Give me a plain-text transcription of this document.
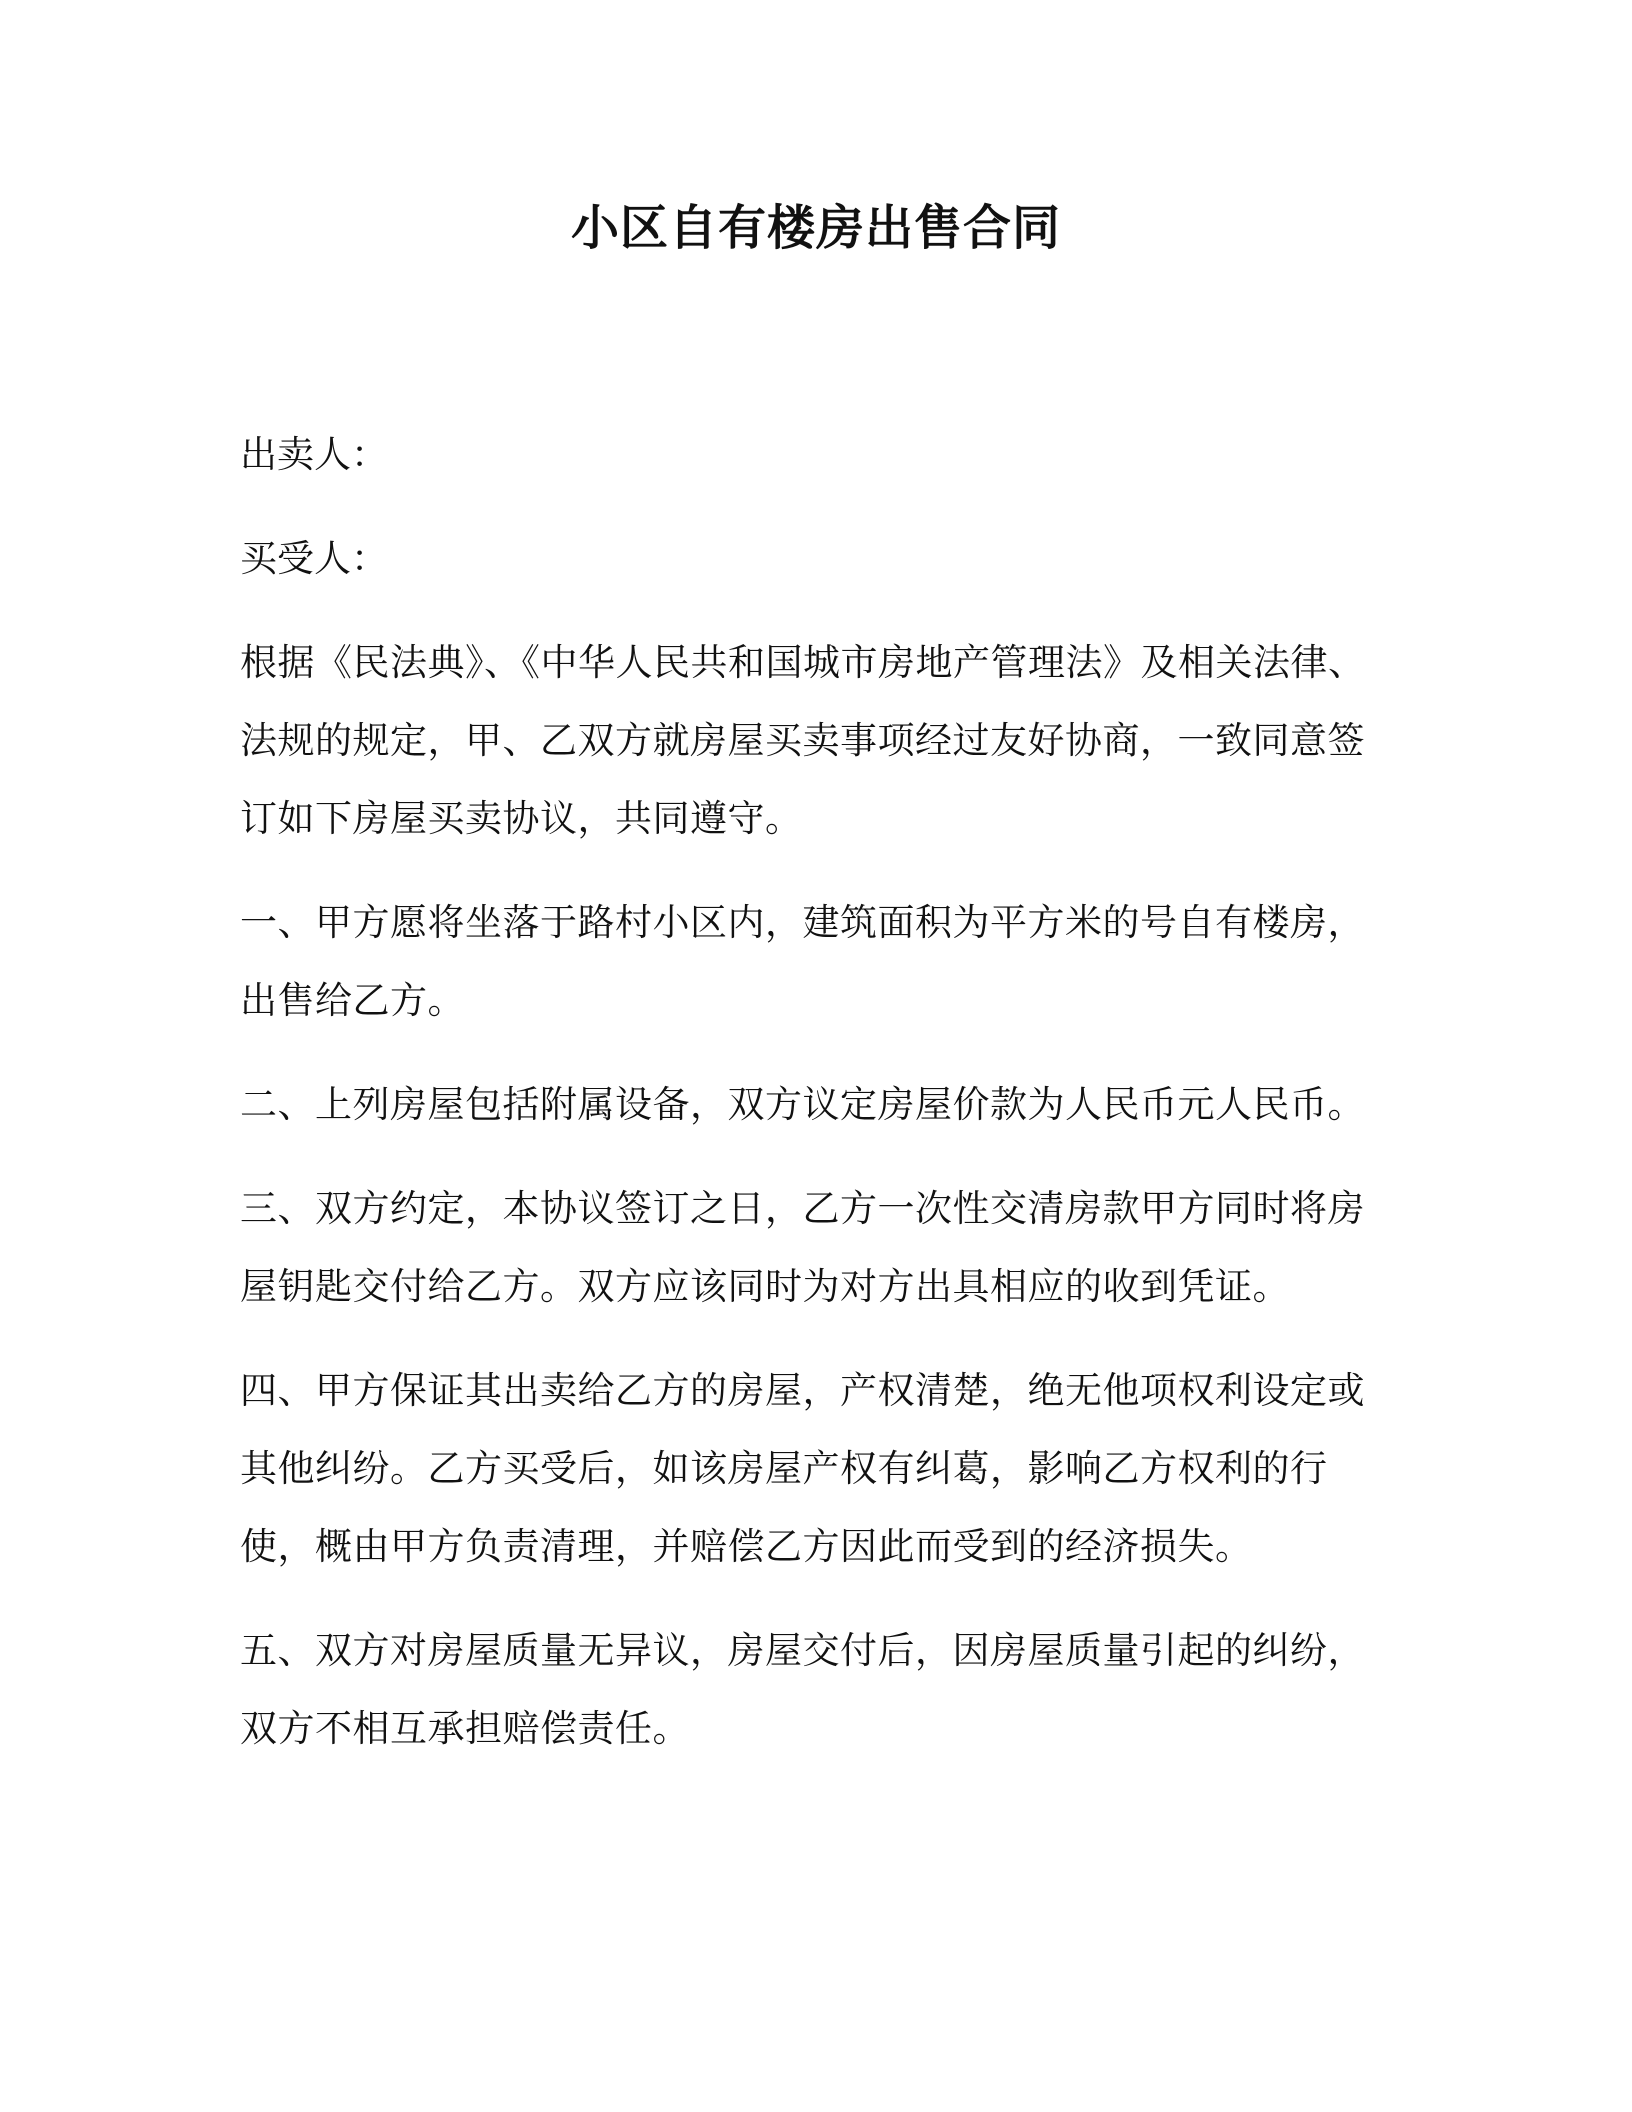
小区自有楼房出售合同

出卖人：

买受人：

根据《民法典》、《中华人民共和国城市房地产管理法》及相关法律、法规的规定，甲、乙双方就房屋买卖事项经过友好协商，一致同意签订如下房屋买卖协议，共同遵守。

一、甲方愿将坐落于路村小区内，建筑面积为平方米的号自有楼房，出售给乙方。

二、上列房屋包括附属设备，双方议定房屋价款为人民币元人民币。

三、双方约定，本协议签订之日，乙方一次性交清房款甲方同时将房屋钥匙交付给乙方。双方应该同时为对方出具相应的收到凭证。

四、甲方保证其出卖给乙方的房屋，产权清楚，绝无他项权利设定或其他纠纷。乙方买受后，如该房屋产权有纠葛，影响乙方权利的行使，概由甲方负责清理，并赔偿乙方因此而受到的经济损失。

五、双方对房屋质量无异议，房屋交付后，因房屋质量引起的纠纷，双方不相互承担赔偿责任。
